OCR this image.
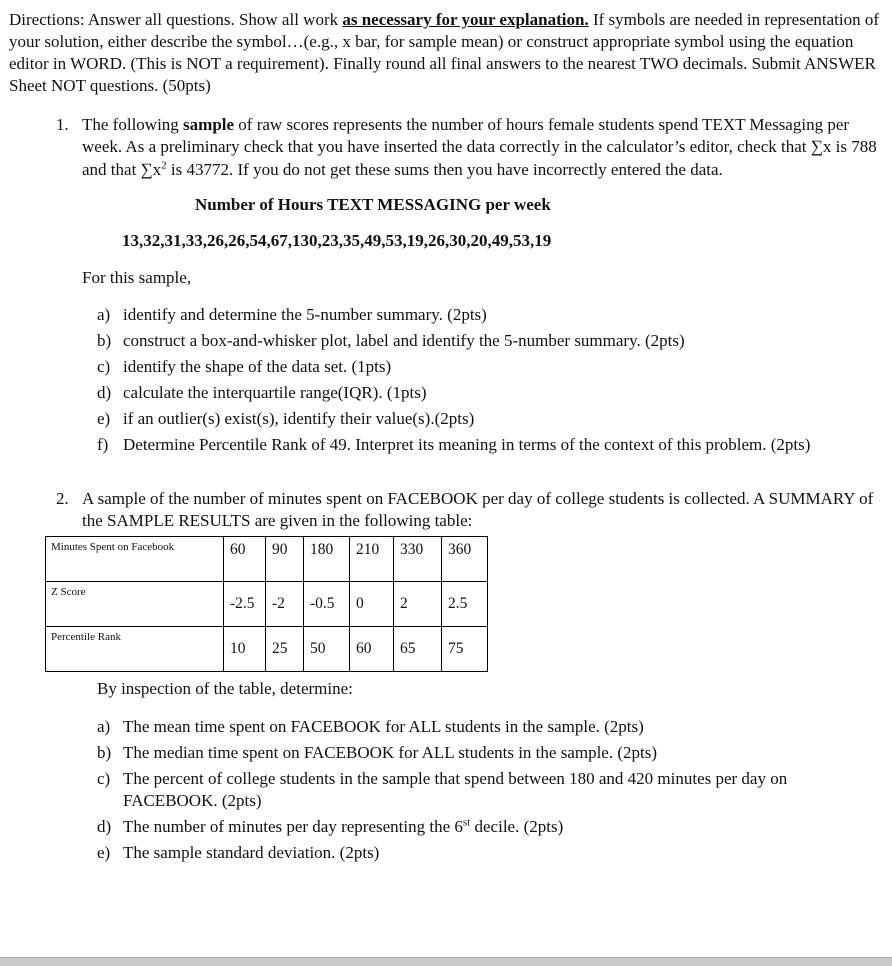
Directions: Answer all questions. Show all work as necessary for your explanation. If symbols are needed in representation of your solution, either describe the symbol…(e.g., x bar, for sample mean) or construct appropriate symbol using the equation editor in WORD. (This is NOT a requirement). Finally round all final answers to the nearest TWO decimals. Submit ANSWER Sheet NOT questions. (50pts)

1. The following sample of raw scores represents the number of hours female students spend TEXT Messaging per week. As a preliminary check that you have inserted the data correctly in the calculator’s editor, check that ∑x is 788 and that $\sum x^2$ is 43772. If you do not get these sums then you have incorrectly entered the data.

Number of Hours TEXT MESSAGING per week

13,32,31,33,26,26,54,67,130,23,35,49,53,19,26,30,20,49,53,19

For this sample,

a) identify and determine the 5-number summary. (2pts)
b) construct a box-and-whisker plot, label and identify the 5-number summary. (2pts)
c) identify the shape of the data set. (1pts)
d) calculate the interquartile range(IQR). (1pts)
e) if an outlier(s) exist(s), identify their value(s).(2pts)
f) Determine Percentile Rank of 49. Interpret its meaning in terms of the context of this problem. (2pts)
2. A sample of the number of minutes spent on FACEBOOK per day of college students is collected. A SUMMARY of the SAMPLE RESULTS are given in the following table:

Minutes Spent on Facebook	60	90	180	210	330	360
Z Score	-2.5	-2	-0.5	0	2	2.5
Percentile Rank	10	25	50	60	65	75

By inspection of the table, determine:

a) The mean time spent on FACEBOOK for ALL students in the sample. (2pts)
b) The median time spent on FACEBOOK for ALL students in the sample. (2pts)
c) The percent of college students in the sample that spend between 180 and 420 minutes per day on FACEBOOK. (2pts)
d) The number of minutes per day representing the 6st decile. (2pts)
e) The sample standard deviation. (2pts)
